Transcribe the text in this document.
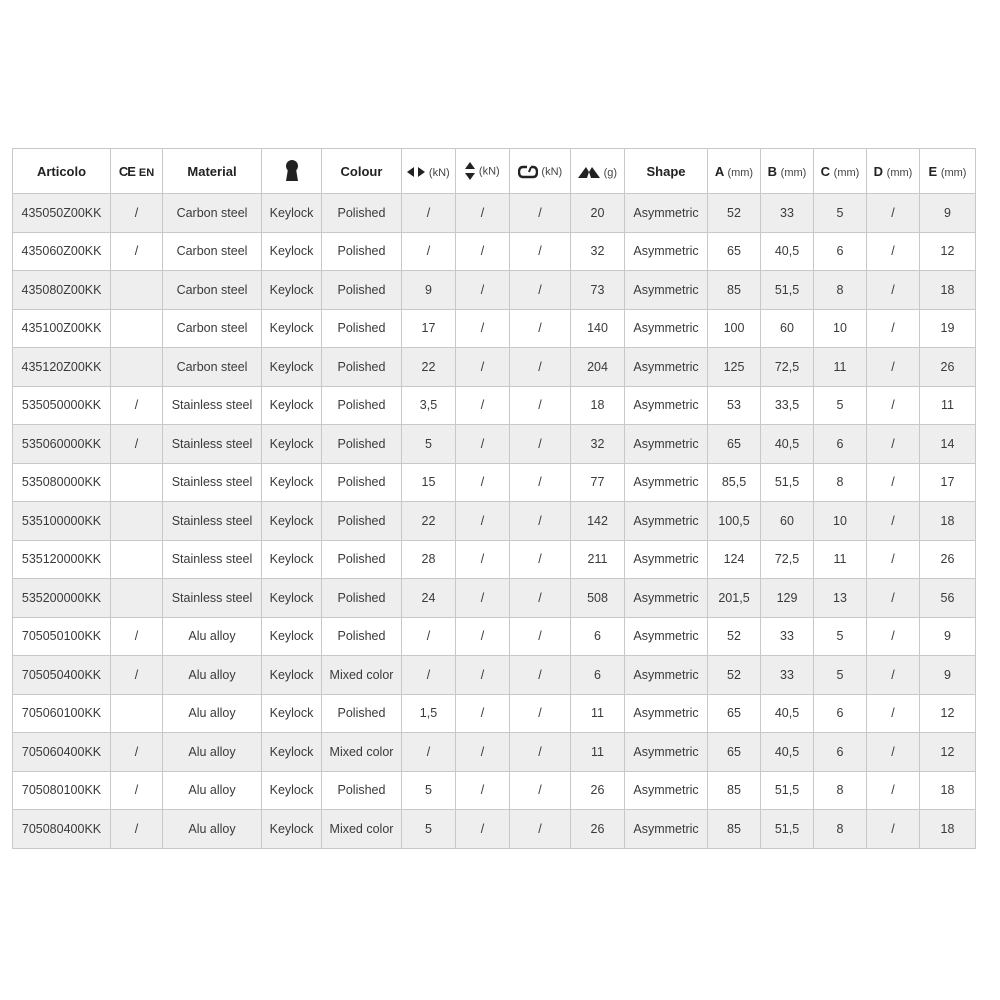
Articolo	CE EN	Material		Colour	(kN)	(kN)	(kN)	(g)	Shape	A (mm)	B (mm)	C (mm)	D (mm)	E (mm)
435050Z00KK	/	Carbon steel	Keylock	Polished	/	/	/	20	Asymmetric	52	33	5	/	9
435060Z00KK	/	Carbon steel	Keylock	Polished	/	/	/	32	Asymmetric	65	40,5	6	/	12
435080Z00KK		Carbon steel	Keylock	Polished	9	/	/	73	Asymmetric	85	51,5	8	/	18
435100Z00KK		Carbon steel	Keylock	Polished	17	/	/	140	Asymmetric	100	60	10	/	19
435120Z00KK		Carbon steel	Keylock	Polished	22	/	/	204	Asymmetric	125	72,5	11	/	26
535050000KK	/	Stainless steel	Keylock	Polished	3,5	/	/	18	Asymmetric	53	33,5	5	/	11
535060000KK	/	Stainless steel	Keylock	Polished	5	/	/	32	Asymmetric	65	40,5	6	/	14
535080000KK		Stainless steel	Keylock	Polished	15	/	/	77	Asymmetric	85,5	51,5	8	/	17
535100000KK		Stainless steel	Keylock	Polished	22	/	/	142	Asymmetric	100,5	60	10	/	18
535120000KK		Stainless steel	Keylock	Polished	28	/	/	211	Asymmetric	124	72,5	11	/	26
535200000KK		Stainless steel	Keylock	Polished	24	/	/	508	Asymmetric	201,5	129	13	/	56
705050100KK	/	Alu alloy	Keylock	Polished	/	/	/	6	Asymmetric	52	33	5	/	9
705050400KK	/	Alu alloy	Keylock	Mixed color	/	/	/	6	Asymmetric	52	33	5	/	9
705060100KK		Alu alloy	Keylock	Polished	1,5	/	/	11	Asymmetric	65	40,5	6	/	12
705060400KK	/	Alu alloy	Keylock	Mixed color	/	/	/	11	Asymmetric	65	40,5	6	/	12
705080100KK	/	Alu alloy	Keylock	Polished	5	/	/	26	Asymmetric	85	51,5	8	/	18
705080400KK	/	Alu alloy	Keylock	Mixed color	5	/	/	26	Asymmetric	85	51,5	8	/	18
